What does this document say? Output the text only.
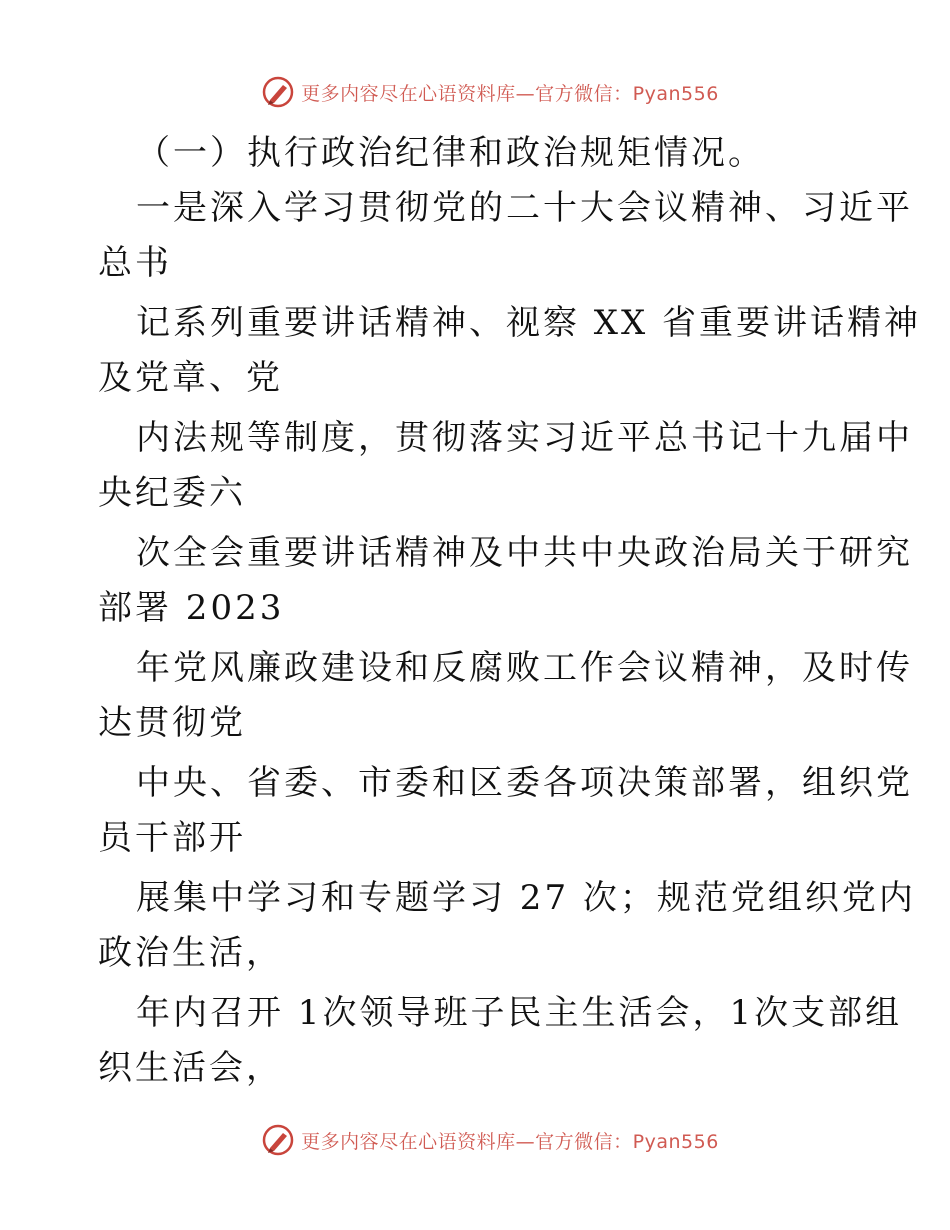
更多内容尽在心语资料库—官方微信：Pyan556
（一）执行政治纪律和政治规矩情况。
一是深入学习贯彻党的二十大会议精神、习近平
总书
记系列重要讲话精神、视察 XX 省重要讲话精神
及党章、党
内法规等制度，贯彻落实习近平总书记十九届中
央纪委六
次全会重要讲话精神及中共中央政治局关于研究
部署 2023
年党风廉政建设和反腐败工作会议精神，及时传
达贯彻党
中央、省委、市委和区委各项决策部署，组织党
员干部开
展集中学习和专题学习 27 次；规范党组织党内
政治生活，
年内召开 1次领导班子民主生活会，1次支部组
织生活会，
更多内容尽在心语资料库—官方微信：Pyan556
